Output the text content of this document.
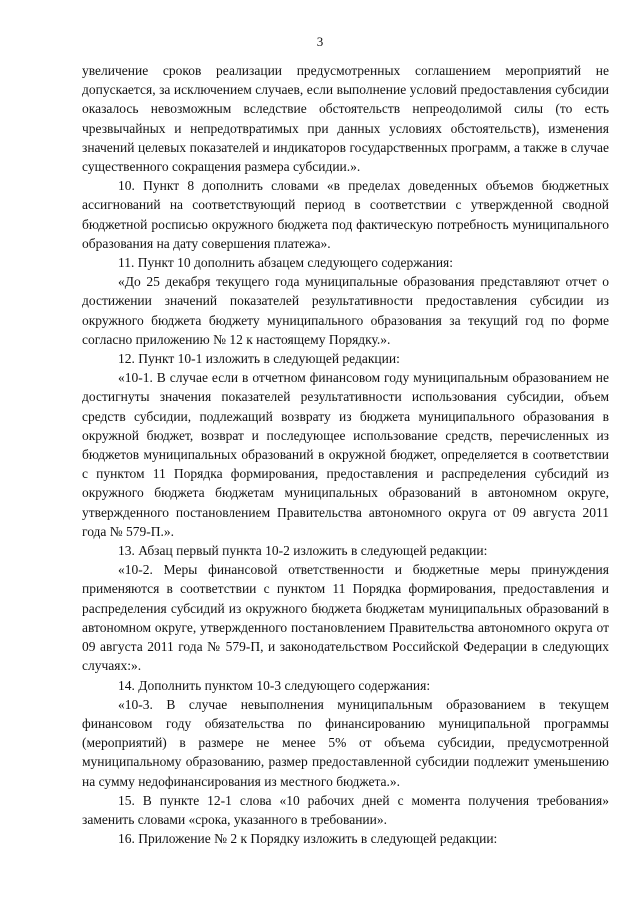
3

увеличение сроков реализации предусмотренных соглашением мероприятий не допускается, за исключением случаев, если выполнение условий предоставления субсидии оказалось невозможным вследствие обстоятельств непреодолимой силы (то есть чрезвычайных и непредотвратимых при данных условиях обстоятельств), изменения значений целевых показателей и индикаторов государственных программ, а также в случае существенного сокращения размера субсидии.».

10. Пункт 8 дополнить словами «в пределах доведенных объемов бюджетных ассигнований на соответствующий период в соответствии с утвержденной сводной бюджетной росписью окружного бюджета под фактическую потребность муниципального образования на дату совершения платежа».

11. Пункт 10 дополнить абзацем следующего содержания:

«До 25 декабря текущего года муниципальные образования представляют отчет о достижении значений показателей результативности предоставления субсидии из окружного бюджета бюджету муниципального образования за текущий год по форме согласно приложению № 12 к настоящему Порядку.».

12. Пункт 10-1 изложить в следующей редакции:

«10-1. В случае если в отчетном финансовом году муниципальным образованием не достигнуты значения показателей результативности использования субсидии, объем средств субсидии, подлежащий возврату из бюджета муниципального образования в окружной бюджет, возврат и последующее использование средств, перечисленных из бюджетов муниципальных образований в окружной бюджет, определяется в соответствии с пунктом 11 Порядка формирования, предоставления и распределения субсидий из окружного бюджета бюджетам муниципальных образований в автономном округе, утвержденного постановлением Правительства автономного округа от 09 августа 2011 года № 579-П.».

13. Абзац первый пункта 10-2 изложить в следующей редакции:

«10-2. Меры финансовой ответственности и бюджетные меры принуждения применяются в соответствии с пунктом 11 Порядка формирования, предоставления и распределения субсидий из окружного бюджета бюджетам муниципальных образований в автономном округе, утвержденного постановлением Правительства автономного округа от 09 августа 2011 года № 579-П, и законодательством Российской Федерации в следующих случаях:».

14. Дополнить пунктом 10-3 следующего содержания:

«10-3. В случае невыполнения муниципальным образованием в текущем финансовом году обязательства по финансированию муниципальной программы (мероприятий) в размере не менее 5% от объема субсидии, предусмотренной муниципальному образованию, размер предоставленной субсидии подлежит уменьшению на сумму недофинансирования из местного бюджета.».

15. В пункте 12-1 слова «10 рабочих дней с момента получения требования» заменить словами «срока, указанного в требовании».

16. Приложение № 2 к Порядку изложить в следующей редакции:
